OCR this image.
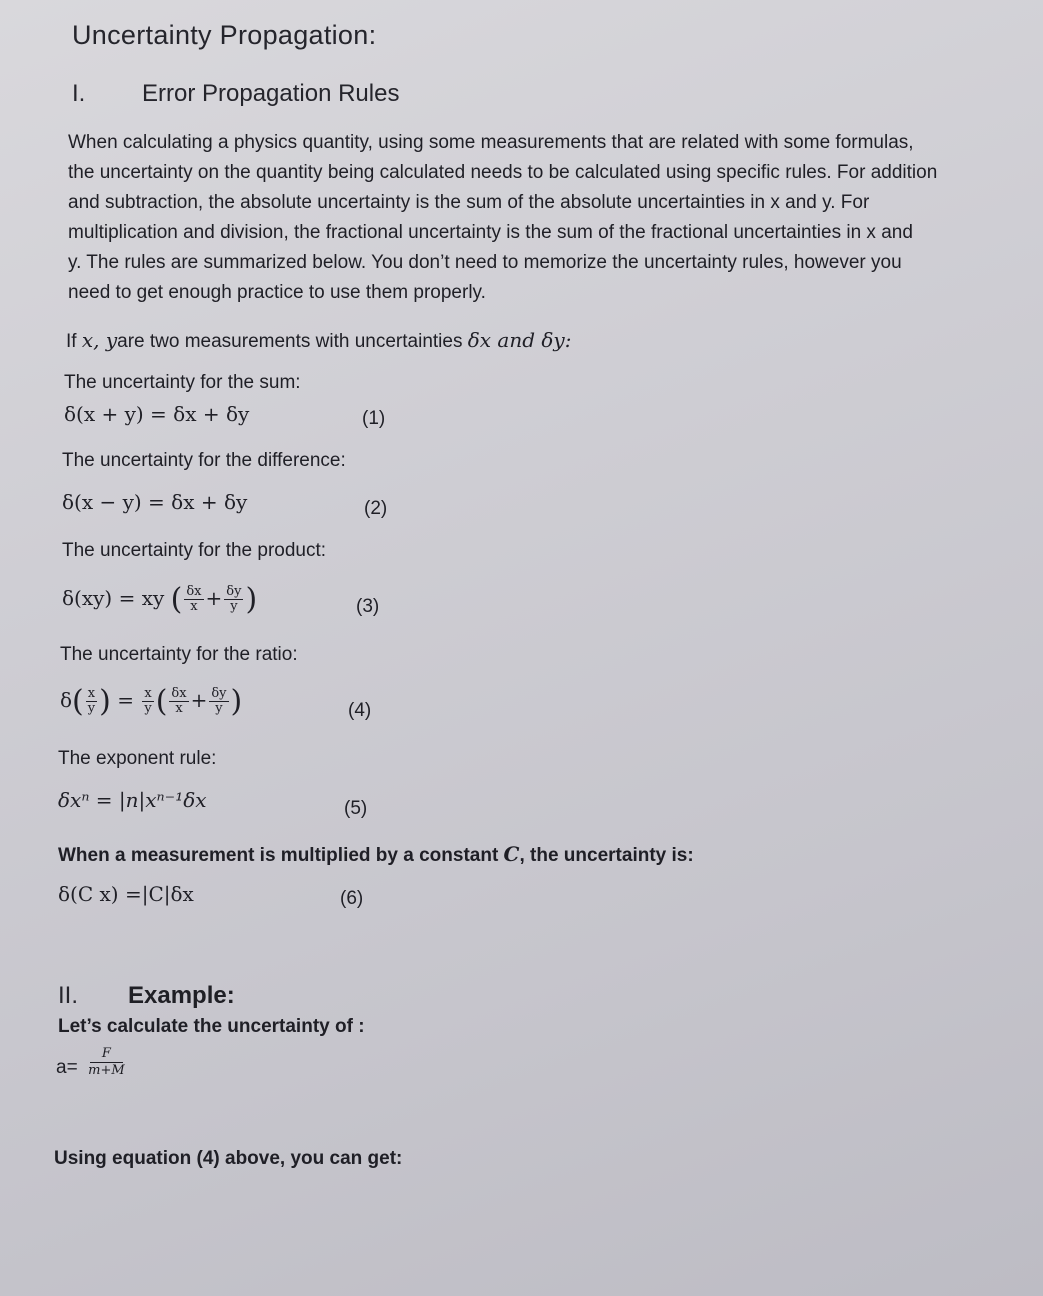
Uncertainty Propagation:
I. Error Propagation Rules
When calculating a physics quantity, using some measurements that are related with some formulas,
the uncertainty on the quantity being calculated needs to be calculated using specific rules. For addition
and subtraction, the absolute uncertainty is the sum of the absolute uncertainties in x and y. For
multiplication and division, the fractional uncertainty is the sum of the fractional uncertainties in x and
y. The rules are summarized below. You don’t need to memorize the uncertainty rules, however you
need to get enough practice to use them properly.
If x, yare two measurements with uncertainties δx and δy:
The uncertainty for the sum:
δ(x + y) = δx + δy	(1)
The uncertainty for the difference:
δ(x − y) = δx + δy	(2)
The uncertainty for the product:
δ(xy) = xy ( $\frac{\delta x}{x} + \frac{\delta y}{y}$ )	(3)
The uncertainty for the ratio:
$\delta( \frac{x}{y}$ ) = $\frac{x}{y}$ ( $\frac{\delta x}{x} + \frac{\delta y}{y}$ )	(4)
The exponent rule:
δxⁿ = |n|xⁿ⁻¹δx	(5)
When a measurement is multiplied by a constant C, the uncertainty is:
δ(C x) =|C|δx	(6)
II. Example:
Let’s calculate the uncertainty of :
$a= \frac{F}{m+M}$
Using equation (4) above, you can get:
